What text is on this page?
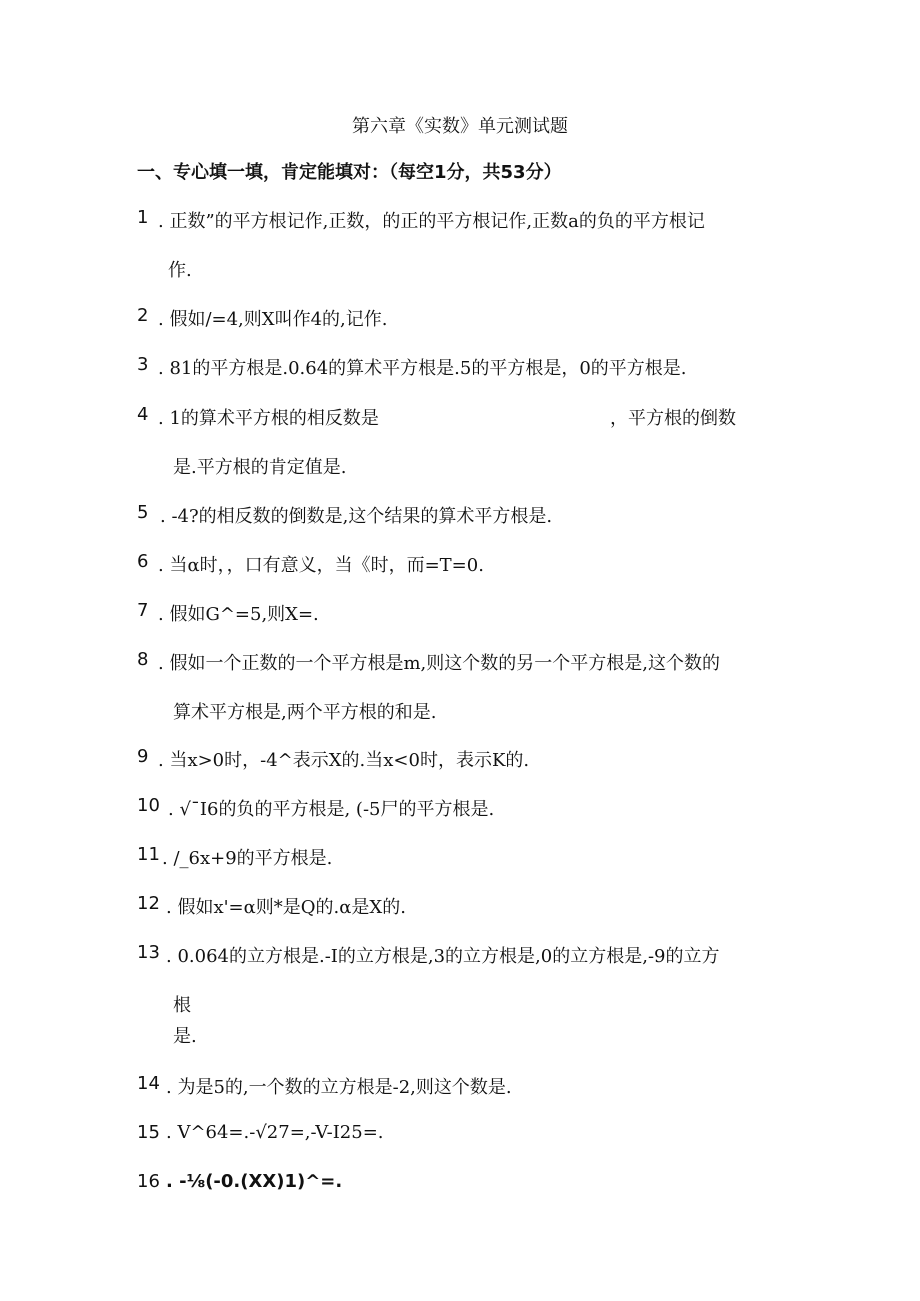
第六章《实数》单元测试题
一、专心填一填，肯定能填对：（每空1分，共53分）
1 . 正数”的平方根记作,正数，的正的平方根记作,正数a的负的平方根记
作.
2 . 假如/=4,则X叫作4的,记作.
3 . 81的平方根是.0.64的算术平方根是.5的平方根是，0的平方根是.
4 . 1的算术平方根的相反数是	，平方根的倒数
是.平方根的肯定值是.
5 . -4?的相反数的倒数是,这个结果的算术平方根是.
6 . 当α时，，口有意义，当《时，而=T=0.
7 . 假如G^=5,则X=.
8 . 假如一个正数的一个平方根是m,则这个数的另一个平方根是,这个数的
算术平方根是,两个平方根的和是.
9 . 当x>0时，-4^表示X的.当x<0时，表示K的.
10 . √ˉI6的负的平方根是, (-5尸的平方根是.
11 . /_6x+9的平方根是.
12 . 假如x'=α则*是Q的.α是X的.
13 . 0.064的立方根是.-I的立方根是,3的立方根是,0的立方根是,-9的立方
根
是.
14 . 为是5的,一个数的立方根是-2,则这个数是.
15 . V^64=.-√27=,-V-I25=.
16 . -⅛(-0.(XX)1)^=.
